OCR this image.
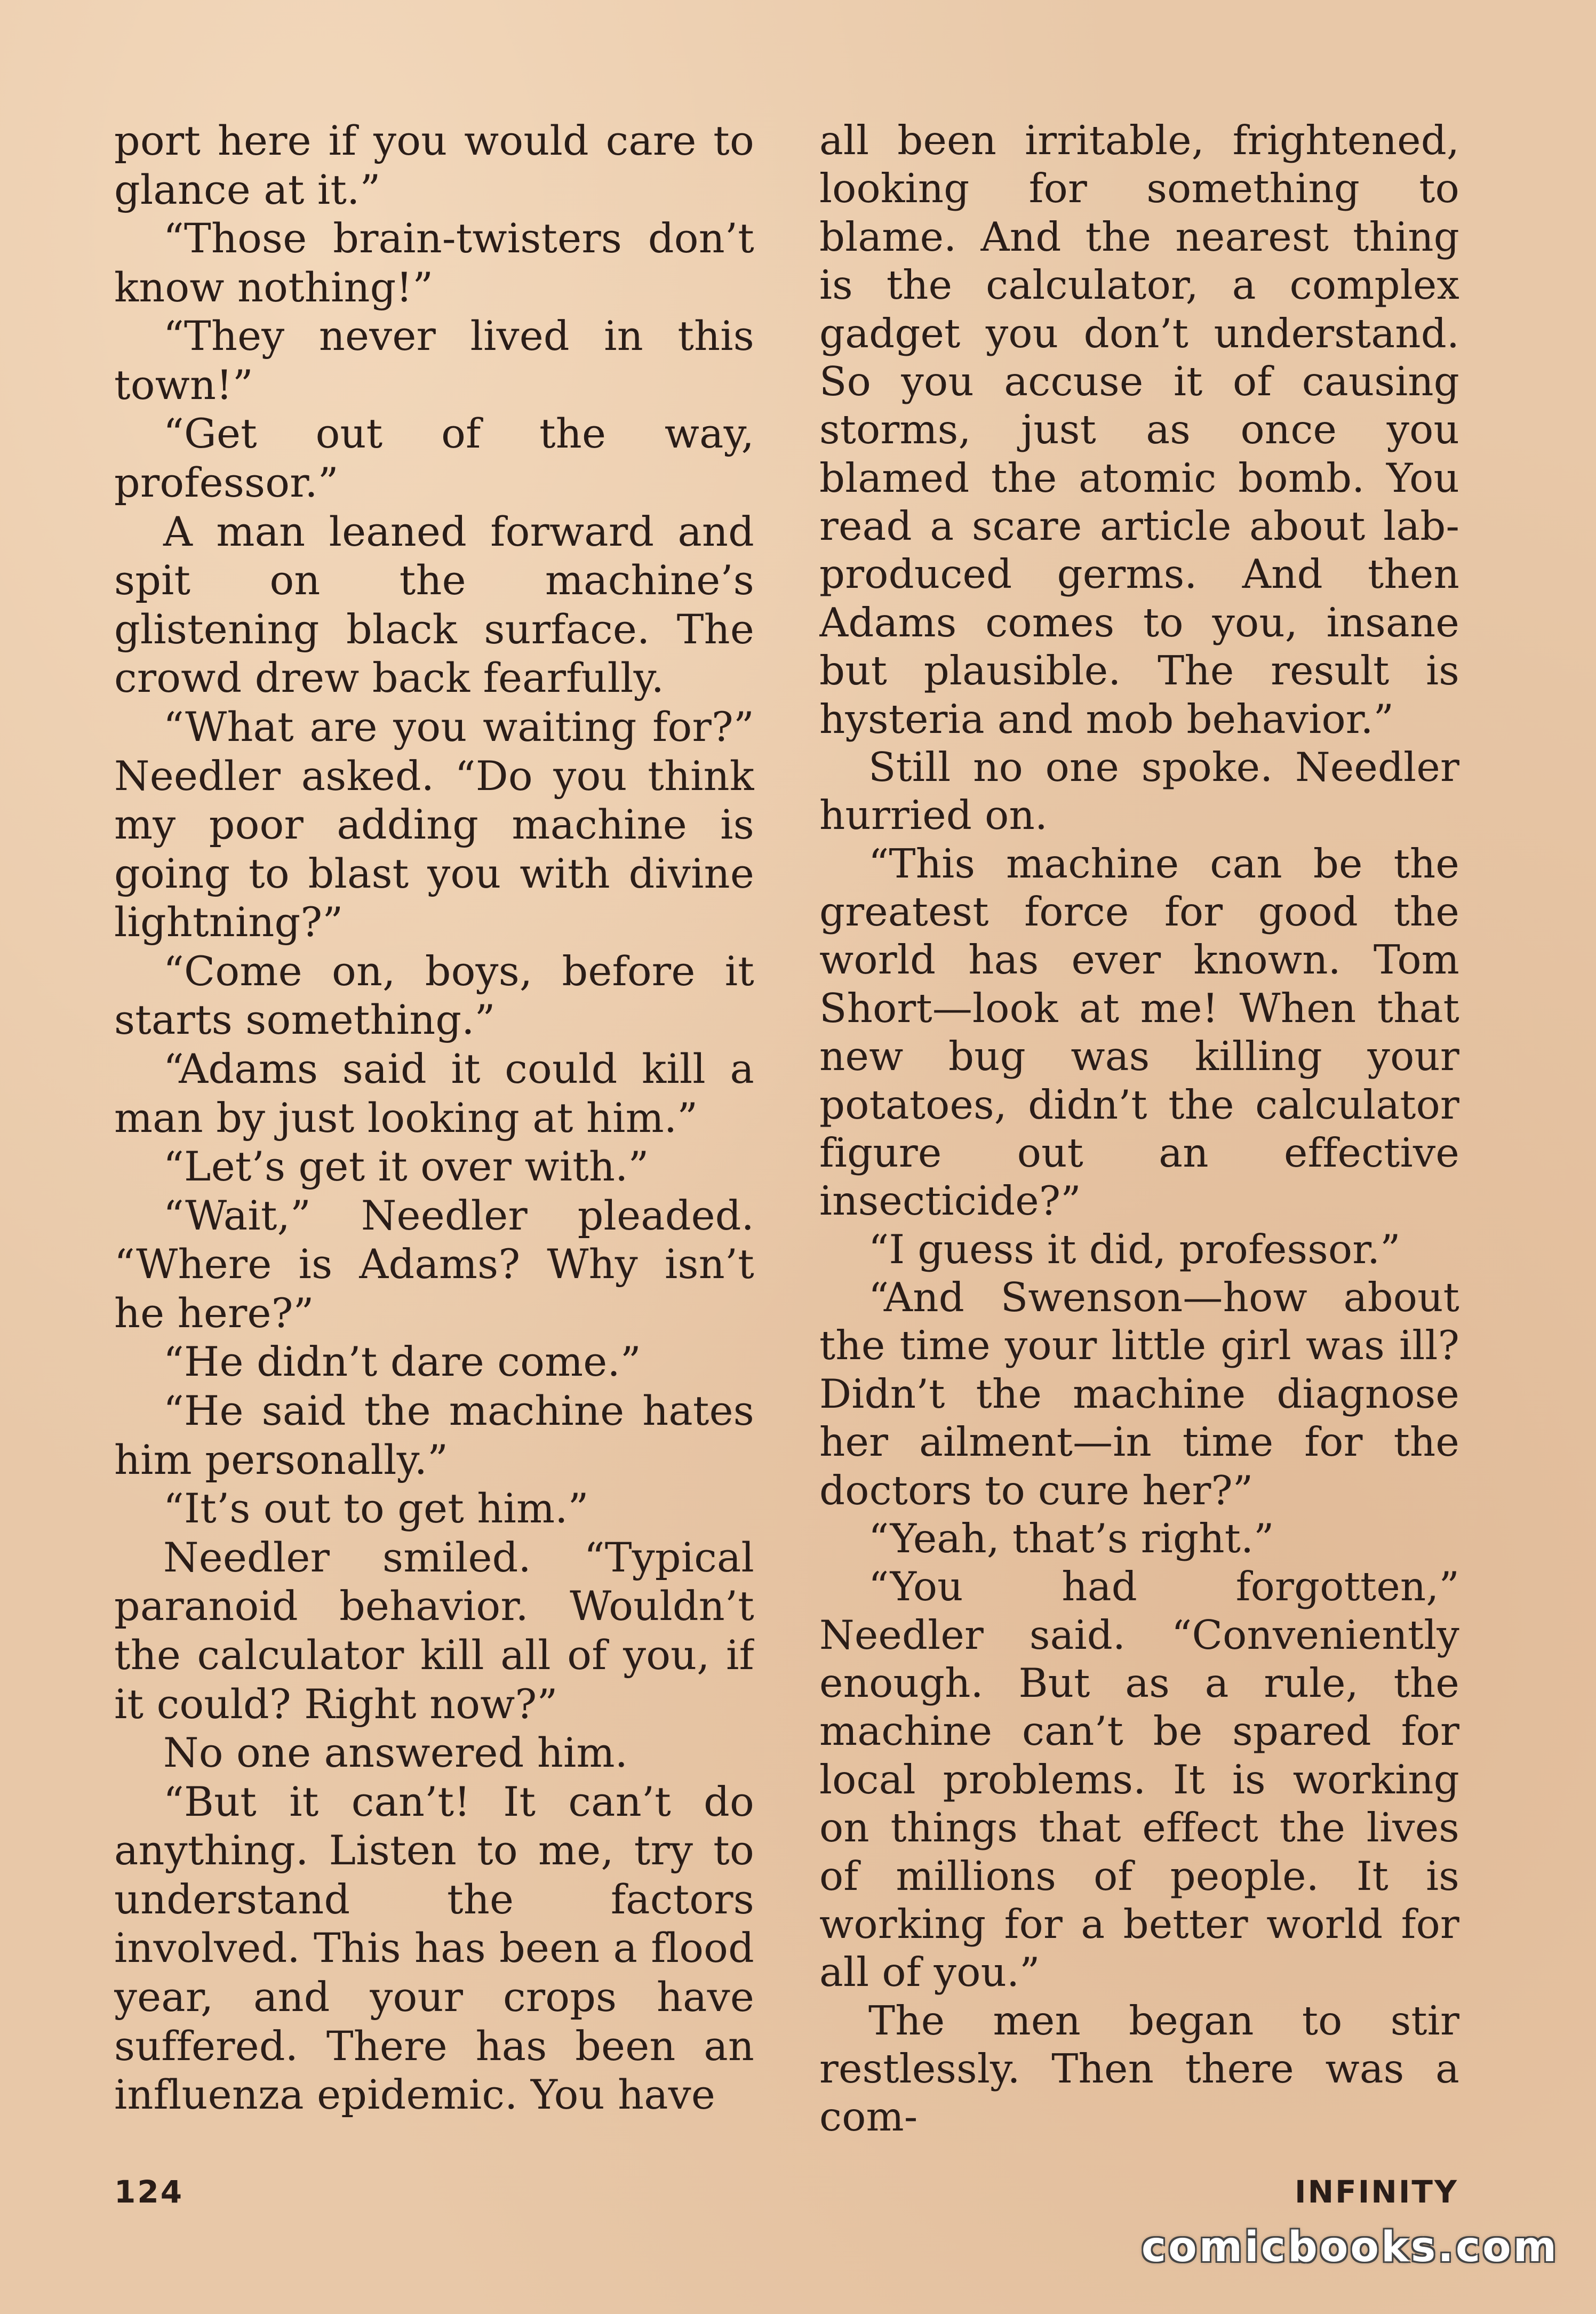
port here if you would care to glance at it.”

“Those brain-twisters don’t know nothing!”

“They never lived in this town!”

“Get out of the way, professor.”

A man leaned forward and spit on the machine’s glistening black surface. The crowd drew back fearfully.

“What are you waiting for?” Needler asked. “Do you think my poor adding machine is going to blast you with divine lightning?”

“Come on, boys, before it starts something.”

“Adams said it could kill a man by just looking at him.”

“Let’s get it over with.”

“Wait,” Needler pleaded. “Where is Adams? Why isn’t he here?”

“He didn’t dare come.”

“He said the machine hates him personally.”

“It’s out to get him.”

Needler smiled. “Typical paranoid behavior. Wouldn’t the calculator kill all of you, if it could? Right now?”

No one answered him.

“But it can’t! It can’t do anything. Listen to me, try to understand the factors involved. This has been a flood year, and your crops have suffered. There has been an influenza epidemic. You have

all been irritable, frightened, looking for something to blame. And the nearest thing is the calculator, a complex gadget you don’t understand. So you accuse it of causing storms, just as once you blamed the atomic bomb. You read a scare article about lab-produced germs. And then Adams comes to you, insane but plausible. The result is hysteria and mob behavior.”

Still no one spoke. Needler hurried on.

“This machine can be the greatest force for good the world has ever known. Tom Short—look at me! When that new bug was killing your potatoes, didn’t the calculator figure out an effective insecticide?”

“I guess it did, professor.”

“And Swenson—how about the time your little girl was ill? Didn’t the machine diagnose her ailment—in time for the doctors to cure her?”

“Yeah, that’s right.”

“You had forgotten,” Needler said. “Conveniently enough. But as a rule, the machine can’t be spared for local problems. It is working on things that effect the lives of millions of people. It is working for a better world for all of you.”

The men began to stir restlessly. Then there was a com-

124	INFINITY

comicbooks.com
